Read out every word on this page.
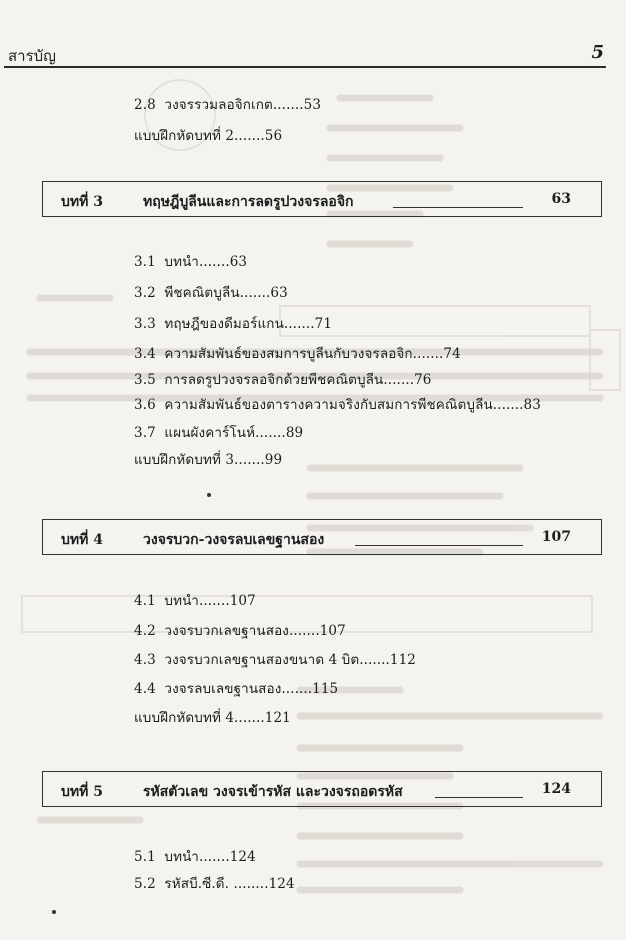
สารบัญ	5
2.8 วงจรรวมลอจิกเกต.......53
แบบฝึกหัดบทที่ 2.......56
บทที่ 3	ทฤษฎีบูลีนและการลดรูปวงจรลอจิก	63
3.1 บทนำ.......63
3.2 พีชคณิตบูลีน.......63
3.3 ทฤษฎีของดีมอร์แกน.......71
3.4 ความสัมพันธ์ของสมการบูลีนกับวงจรลอจิก.......74
3.5 การลดรูปวงจรลอจิกด้วยพีชคณิตบูลีน.......76
3.6 ความสัมพันธ์ของตารางความจริงกับสมการพีชคณิตบูลีน.......83
3.7 แผนผังคาร์โนห์.......89
แบบฝึกหัดบทที่ 3.......99
บทที่ 4	วงจรบวก-วงจรลบเลขฐานสอง	107
4.1 บทนำ.......107
4.2 วงจรบวกเลขฐานสอง.......107
4.3 วงจรบวกเลขฐานสองขนาด 4 บิต.......112
4.4 วงจรลบเลขฐานสอง.......115
แบบฝึกหัดบทที่ 4.......121
บทที่ 5	รหัสตัวเลข วงจรเข้ารหัส และวงจรถอดรหัส	124
5.1 บทนำ.......124
5.2 รหัสบี.ซี.ดี. ........124
